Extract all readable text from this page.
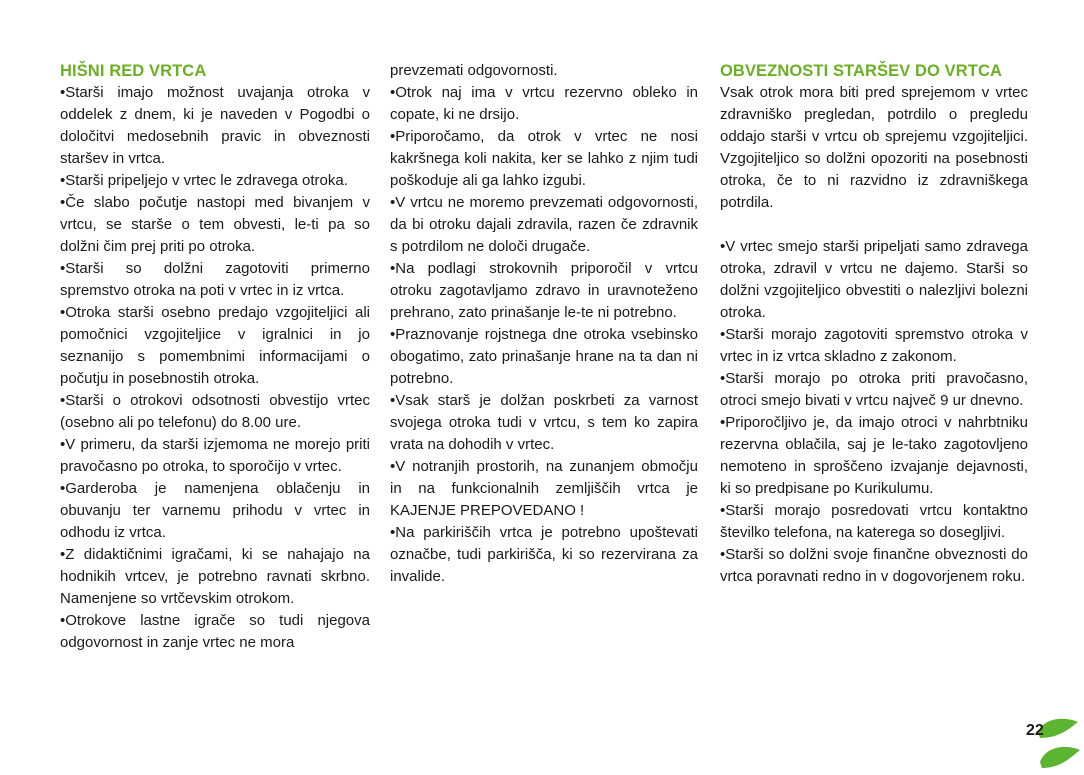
HIŠNI RED VRTCA

•Starši imajo možnost uvajanja otroka v oddelek z dnem, ki je naveden v Pogodbi o določitvi medosebnih pravic in obveznosti staršev in vrtca.

•Starši pripeljejo v vrtec le zdravega otroka.

•Če slabo počutje nastopi med bivanjem v vrtcu, se starše o tem obvesti, le-ti pa so dolžni čim prej priti po otroka.

•Starši so dolžni zagotoviti primerno spremstvo otroka na poti v vrtec in iz vrtca.

•Otroka starši osebno predajo vzgojiteljici ali pomočnici vzgojiteljice v igralnici in jo seznanijo s pomembnimi informacijami o počutju in posebnostih otroka.

•Starši o otrokovi odsotnosti obvestijo vrtec (osebno ali po telefonu) do 8.00 ure.

•V primeru, da starši izjemoma ne morejo priti pravočasno po otroka, to sporočijo v vrtec.

•Garderoba je namenjena oblačenju in obuvanju ter varnemu prihodu v vrtec in odhodu iz vrtca.

•Z didaktičnimi igračami, ki se nahajajo na hodnikih vrtcev, je potrebno ravnati skrbno. Namenjene so vrtčevskim otrokom.

•Otrokove lastne igrače so tudi njegova odgovornost in zanje vrtec ne mora

prevzemati odgovornosti.

•Otrok naj ima v vrtcu rezervno obleko in copate, ki ne drsijo.

•Priporočamo, da otrok v vrtec ne nosi kakršnega koli nakita, ker se lahko z njim tudi poškoduje ali ga lahko izgubi.

•V vrtcu ne moremo prevzemati odgovornosti, da bi otroku dajali zdravila, razen če zdravnik s potrdilom ne določi drugače.

•Na podlagi strokovnih priporočil v vrtcu otroku zagotavljamo zdravo in uravnoteženo prehrano, zato prinašanje le-te ni potrebno.

•Praznovanje rojstnega dne otroka vsebinsko obogatimo, zato prinašanje hrane na ta dan ni potrebno.

•Vsak starš je dolžan poskrbeti za varnost svojega otroka tudi v vrtcu, s tem ko zapira vrata na dohodih v vrtec.

•V notranjih prostorih, na zunanjem območju in na funkcionalnih zemljiščih vrtca je KAJENJE PREPOVEDANO !

•Na parkiriščih vrtca je potrebno upoštevati označbe, tudi parkirišča, ki so rezervirana za invalide.

OBVEZNOSTI STARŠEV DO VRTCA

Vsak otrok mora biti pred sprejemom v vrtec zdravniško pregledan, potrdilo o pregledu oddajo starši v vrtcu ob sprejemu vzgojiteljici. Vzgojiteljico so dolžni opozoriti na posebnosti otroka, če to ni razvidno iz zdravniškega potrdila.

•V vrtec smejo starši pripeljati samo zdravega otroka, zdravil v vrtcu ne dajemo. Starši so dolžni vzgojiteljico obvestiti o nalezljivi bolezni otroka.

•Starši morajo zagotoviti spremstvo otroka v vrtec in iz vrtca skladno z zakonom.

•Starši morajo po otroka priti pravočasno, otroci smejo bivati v vrtcu največ 9 ur dnevno.

•Priporočljivo je, da imajo otroci v nahrbtniku rezervna oblačila, saj je le-tako zagotovljeno nemoteno in sproščeno izvajanje dejavnosti, ki so predpisane po Kurikulumu.

•Starši morajo posredovati vrtcu kontaktno številko telefona, na katerega so dosegljivi.

•Starši so dolžni svoje finančne obveznosti do vrtca poravnati redno in v dogovorjenem roku.

22
